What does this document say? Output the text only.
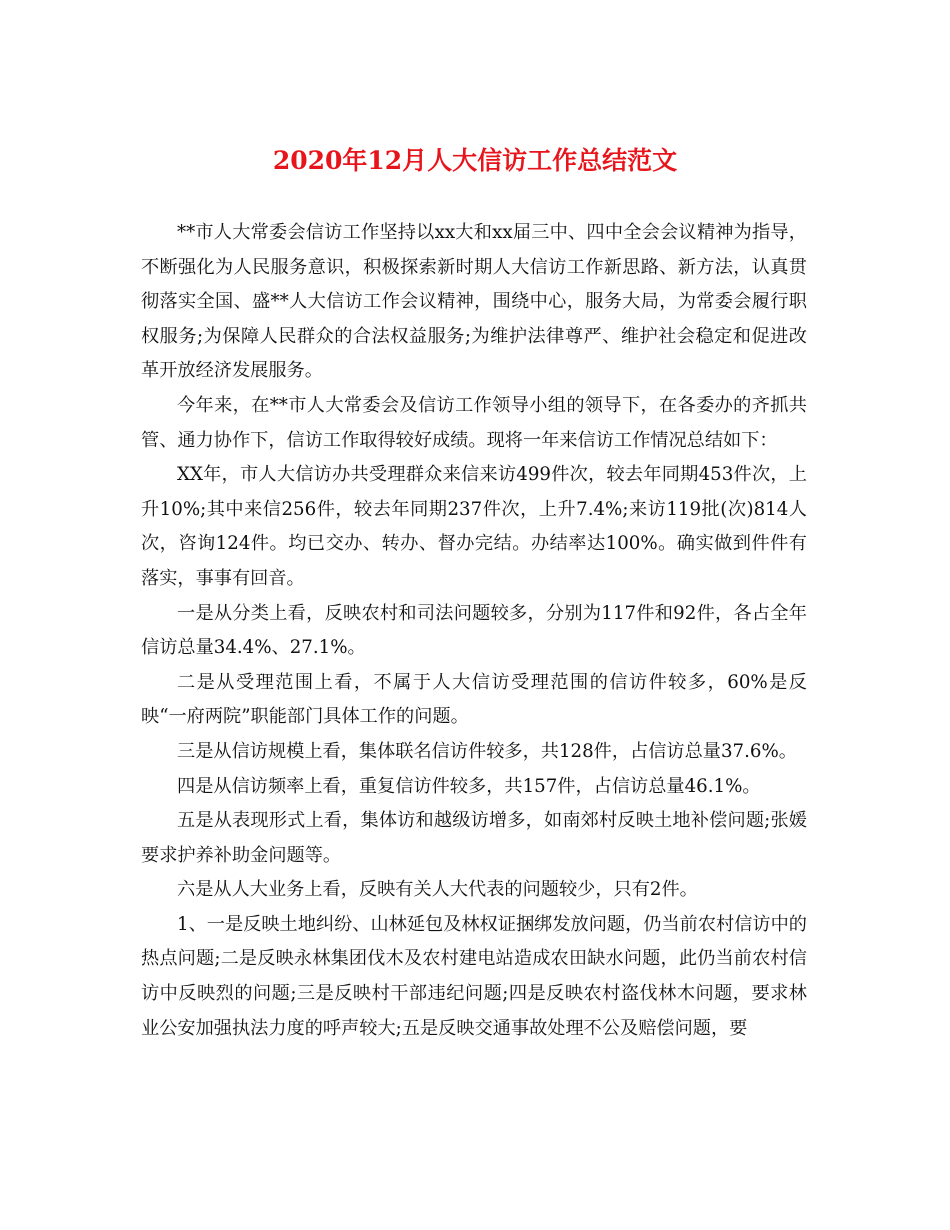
2020年12月人大信访工作总结范文

**市人大常委会信访工作坚持以xx大和xx届三中、四中全会会议精神为指导，不断强化为人民服务意识，积极探索新时期人大信访工作新思路、新方法，认真贯彻落实全国、盛**人大信访工作会议精神，围绕中心，服务大局，为常委会履行职权服务;为保障人民群众的合法权益服务;为维护法律尊严、维护社会稳定和促进改革开放经济发展服务。

今年来，在**市人大常委会及信访工作领导小组的领导下，在各委办的齐抓共管、通力协作下，信访工作取得较好成绩。现将一年来信访工作情况总结如下：

XX年，市人大信访办共受理群众来信来访499件次，较去年同期453件次，上升10%;其中来信256件，较去年同期237件次，上升7.4%;来访119批(次)814人次，咨询124件。均已交办、转办、督办完结。办结率达100%。确实做到件件有落实，事事有回音。

一是从分类上看，反映农村和司法问题较多，分别为117件和92件，各占全年信访总量34.4%、27.1%。

二是从受理范围上看，不属于人大信访受理范围的信访件较多，60%是反映“一府两院”职能部门具体工作的问题。

三是从信访规模上看，集体联名信访件较多，共128件，占信访总量37.6%。

四是从信访频率上看，重复信访件较多，共157件，占信访总量46.1%。

五是从表现形式上看，集体访和越级访增多，如南郊村反映土地补偿问题;张媛要求护养补助金问题等。

六是从人大业务上看，反映有关人大代表的问题较少，只有2件。

1、一是反映土地纠纷、山林延包及林权证捆绑发放问题，仍当前农村信访中的热点问题;二是反映永林集团伐木及农村建电站造成农田缺水问题，此仍当前农村信访中反映烈的问题;三是反映村干部违纪问题;四是反映农村盗伐林木问题，要求林业公安加强执法力度的呼声较大;五是反映交通事故处理不公及赔偿问题，要
